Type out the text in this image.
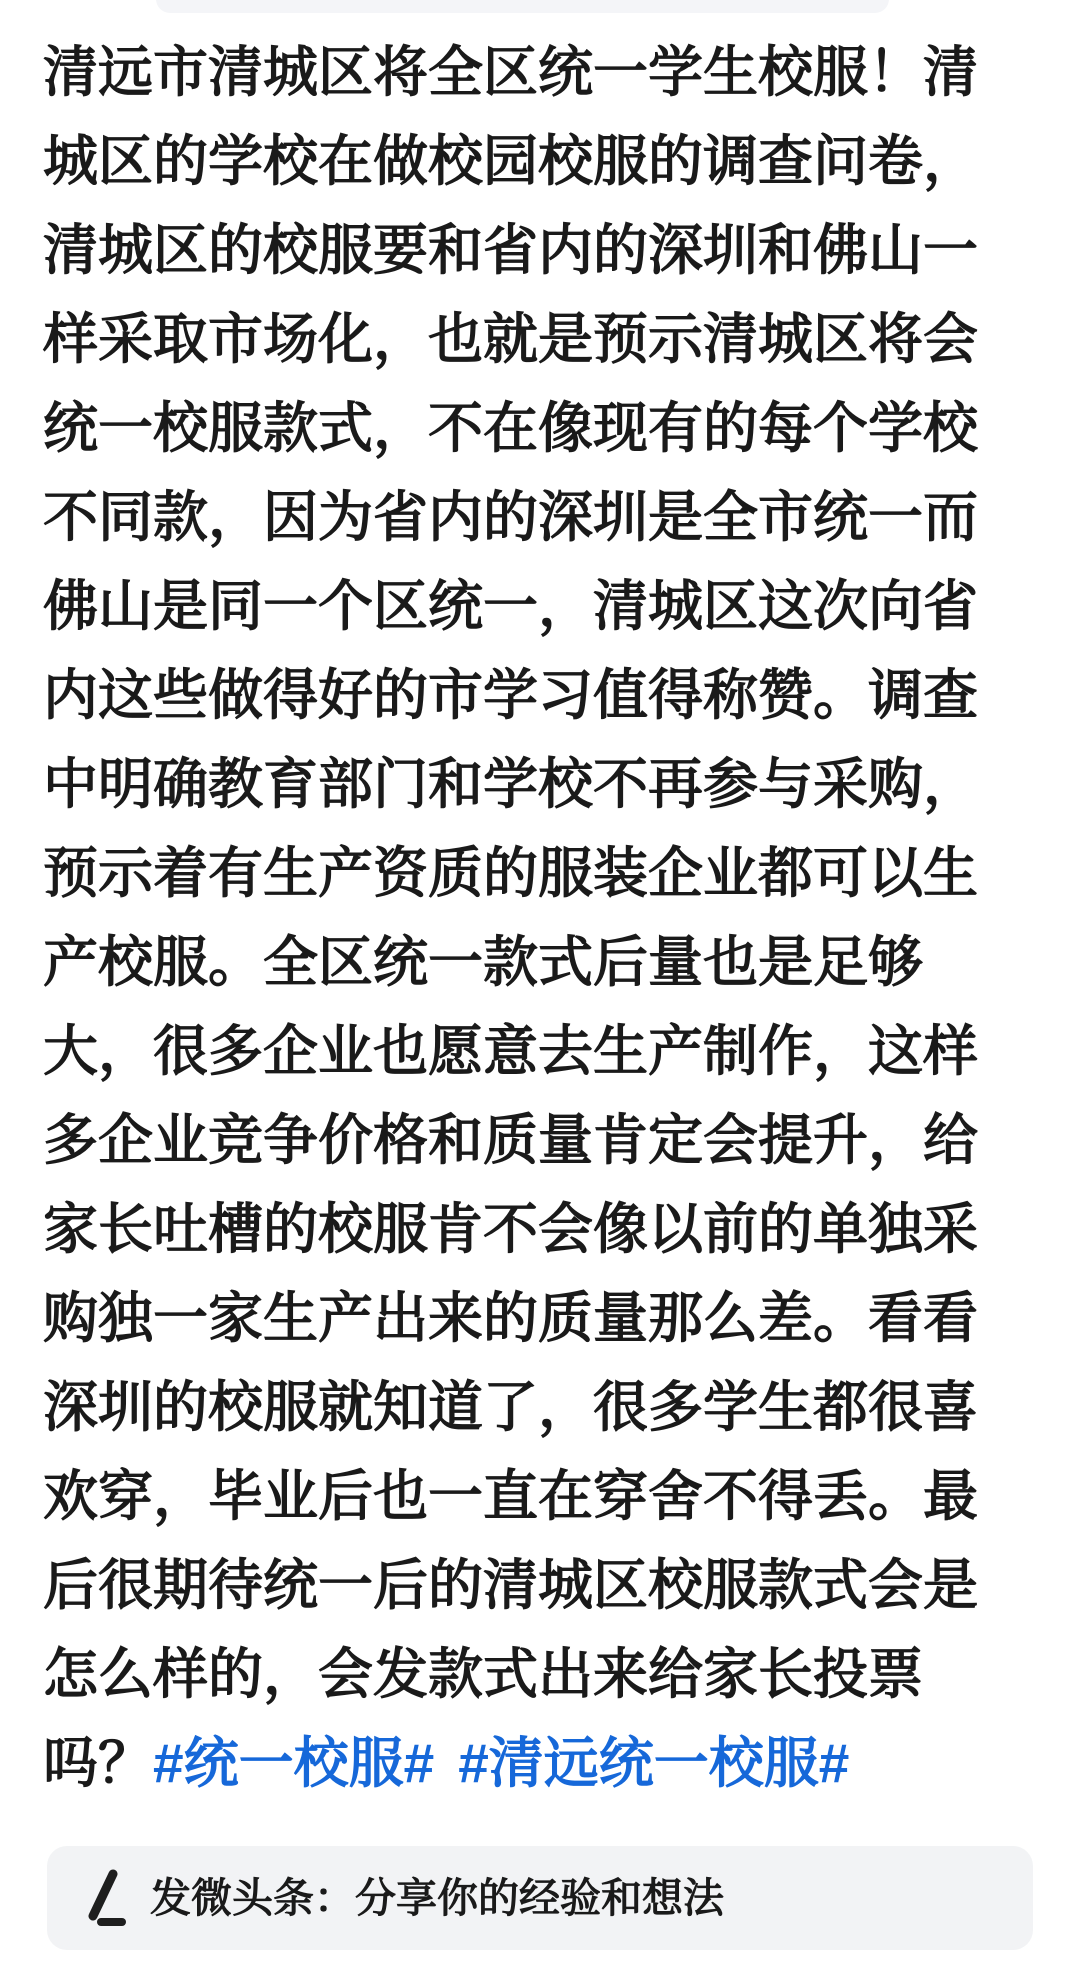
清远市清城区将全区统一学生校服！清
城区的学校在做校园校服的调查问卷，
清城区的校服要和省内的深圳和佛山一
样采取市场化，也就是预示清城区将会
统一校服款式，不在像现有的每个学校
不同款，因为省内的深圳是全市统一而
佛山是同一个区统一，清城区这次向省
内这些做得好的市学习值得称赞。调查
中明确教育部门和学校不再参与采购，
预示着有生产资质的服装企业都可以生
产校服。全区统一款式后量也是足够
大，很多企业也愿意去生产制作，这样
多企业竞争价格和质量肯定会提升，给
家长吐槽的校服肯不会像以前的单独采
购独一家生产出来的质量那么差。看看
深圳的校服就知道了，很多学生都很喜
欢穿，毕业后也一直在穿舍不得丢。最
后很期待统一后的清城区校服款式会是
怎么样的，会发款式出来给家长投票
吗？#统一校服# #清远统一校服#
发微头条：分享你的经验和想法
